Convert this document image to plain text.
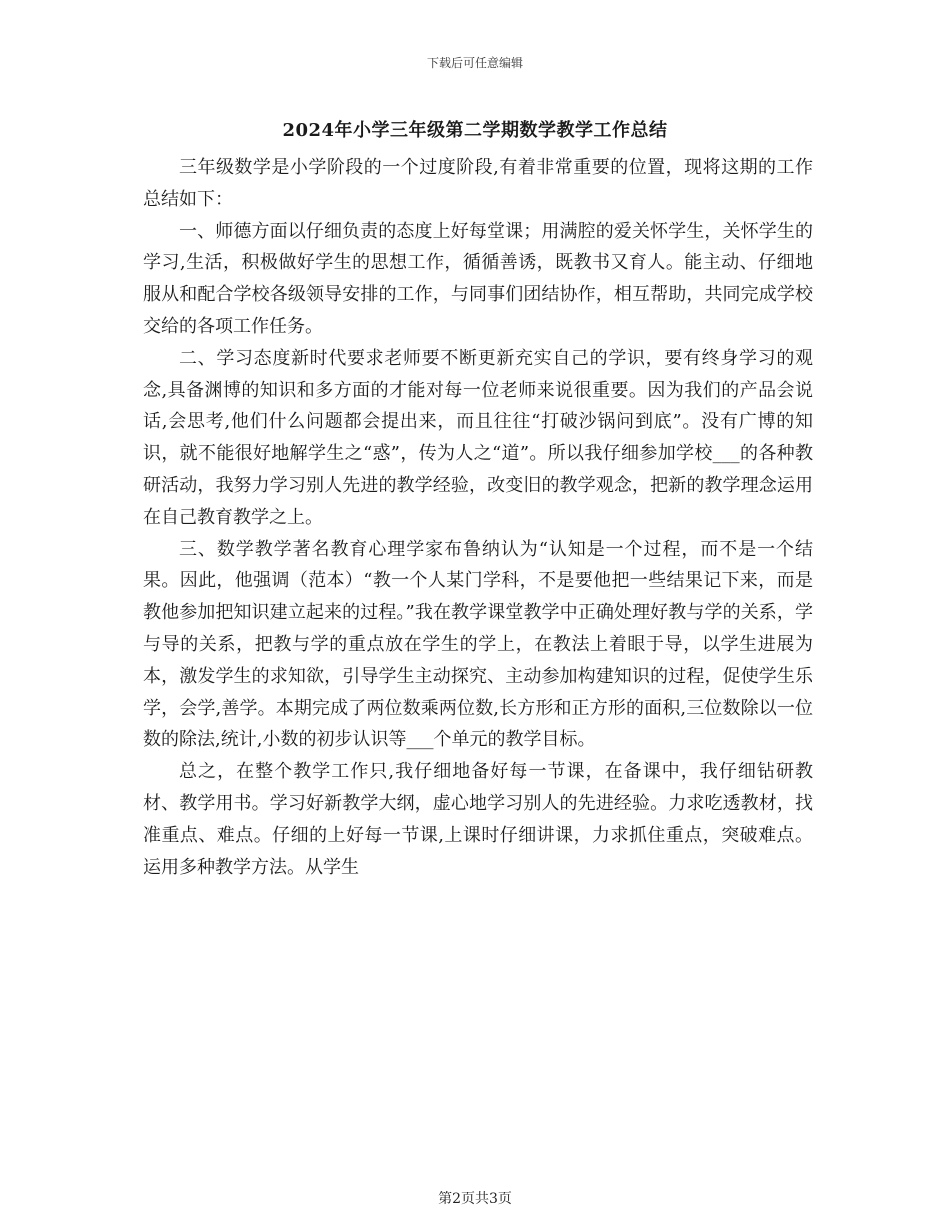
下载后可任意编辑
2024年小学三年级第二学期数学教学工作总结

三年级数学是小学阶段的一个过度阶段,有着非常重要的位置，现将这期的工作总结如下：

一、师德方面以仔细负责的态度上好每堂课；用满腔的爱关怀学生，关怀学生的学习,生活，积极做好学生的思想工作，循循善诱，既教书又育人。能主动、仔细地服从和配合学校各级领导安排的工作，与同事们团结协作，相互帮助，共同完成学校交给的各项工作任务。

二、学习态度新时代要求老师要不断更新充实自己的学识，要有终身学习的观念,具备渊博的知识和多方面的才能对每一位老师来说很重要。因为我们的产品会说话,会思考,他们什么问题都会提出来，而且往往“打破沙锅问到底”。没有广博的知识，就不能很好地解学生之“惑”，传为人之“道”。所以我仔细参加学校___的各种教研活动，我努力学习别人先进的教学经验，改变旧的教学观念，把新的教学理念运用在自己教育教学之上。

三、数学教学著名教育心理学家布鲁纳认为“认知是一个过程，而不是一个结果。因此，他强调（范本）“教一个人某门学科，不是要他把一些结果记下来，而是教他参加把知识建立起来的过程。”我在教学课堂教学中正确处理好教与学的关系，学与导的关系，把教与学的重点放在学生的学上，在教法上着眼于导，以学生进展为本，激发学生的求知欲，引导学生主动探究、主动参加构建知识的过程，促使学生乐学，会学,善学。本期完成了两位数乘两位数,长方形和正方形的面积,三位数除以一位数的除法,统计,小数的初步认识等___个单元的教学目标。

总之，在整个教学工作只,我仔细地备好每一节课，在备课中，我仔细钻研教材、教学用书。学习好新教学大纲，虚心地学习别人的先进经验。力求吃透教材，找准重点、难点。仔细的上好每一节课,上课时仔细讲课，力求抓住重点，突破难点。运用多种教学方法。从学生

第2页共3页
